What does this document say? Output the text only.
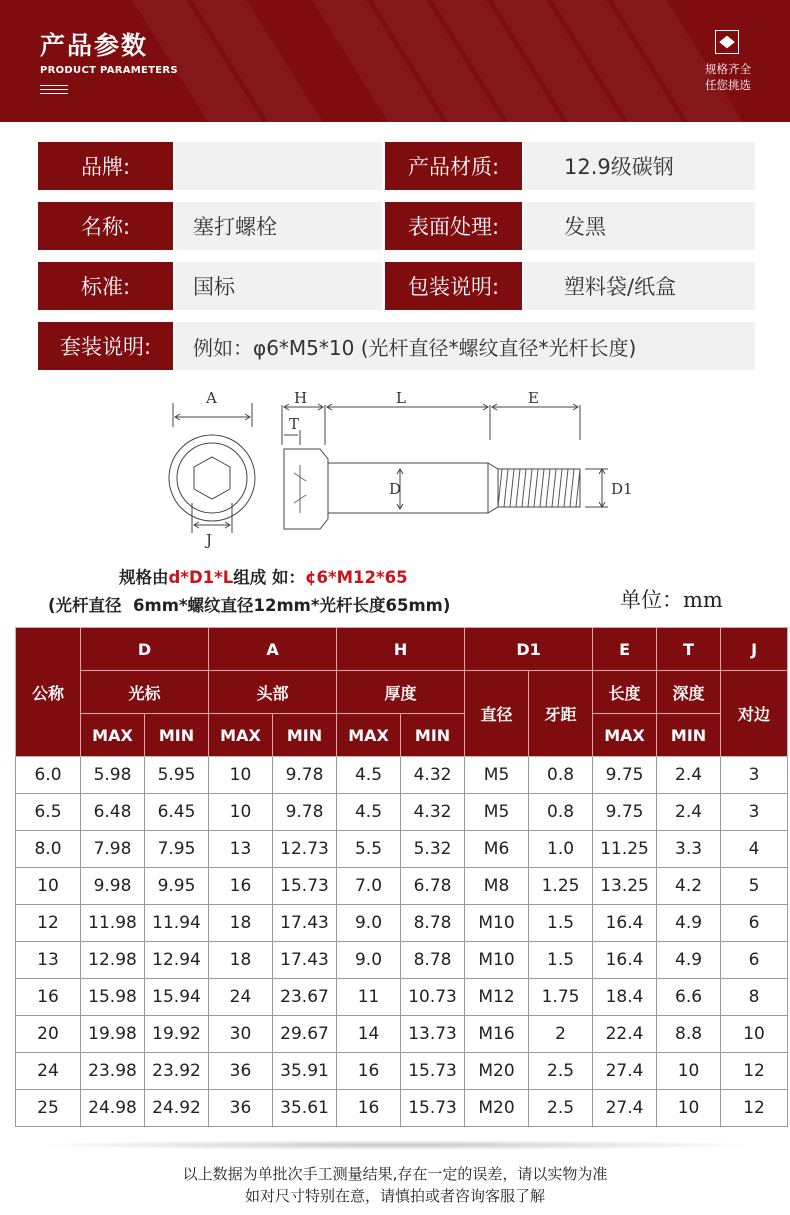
产品参数
PRODUCT PARAMETERS	规格齐全
任您挑选
品牌:	产品材质:	12.9级碳钢
名称:	塞打螺栓	表面处理:	发黑
标准:	国标	包装说明:	塑料袋/纸盒
套装说明:	例如：φ6*M5*10 (光杆直径*螺纹直径*光杆长度)
A	H
T
L	E
D	D1
J
规格由d*D1*L组成 如：¢6*M12*65
(光杆直径  6mm*螺纹直径12mm*光杆长度65mm)	单位：mm
公称	D		A		H		D1		E	T	J
	光标		头部		厚度		直径	牙距	长度	深度	对边
	MAX	MIN	MAX	MIN	MAX	MIN			MAX	MIN	
6.0	5.98	5.95	10	9.78	4.5	4.32	M5	0.8	9.75	2.4	3
6.5	6.48	6.45	10	9.78	4.5	4.32	M5	0.8	9.75	2.4	3
8.0	7.98	7.95	13	12.73	5.5	5.32	M6	1.0	11.25	3.3	4
10	9.98	9.95	16	15.73	7.0	6.78	M8	1.25	13.25	4.2	5
12	11.98	11.94	18	17.43	9.0	8.78	M10	1.5	16.4	4.9	6
13	12.98	12.94	18	17.43	9.0	8.78	M10	1.5	16.4	4.9	6
16	15.98	15.94	24	23.67	11	10.73	M12	1.75	18.4	6.6	8
20	19.98	19.92	30	29.67	14	13.73	M16	2	22.4	8.8	10
24	23.98	23.92	36	35.91	16	15.73	M20	2.5	27.4	10	12
25	24.98	24.92	36	35.61	16	15.73	M20	2.5	27.4	10	12
以上数据为单批次手工测量结果,存在一定的误差，请以实物为准
如对尺寸特别在意，请慎拍或者咨询客服了解
